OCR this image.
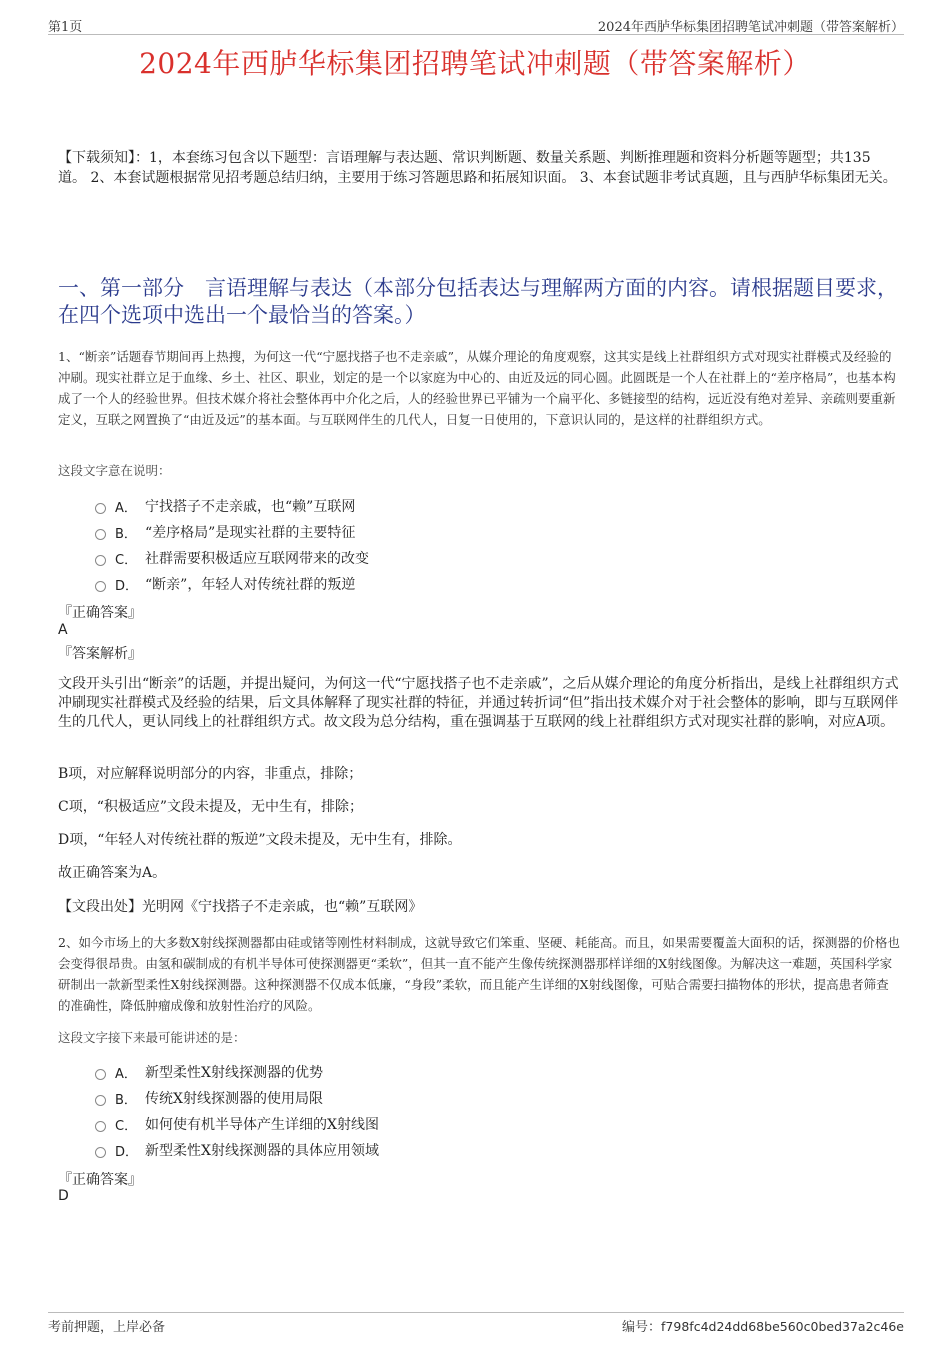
第1页	2024年西胪华标集团招聘笔试冲刺题（带答案解析）
2024年西胪华标集团招聘笔试冲刺题（带答案解析）
【下载须知】：1，本套练习包含以下题型：言语理解与表达题、常识判断题、数量关系题、判断推理题和资料分析题等题型；共135道。 2、本套试题根据常见招考题总结归纳，主要用于练习答题思路和拓展知识面。 3、本套试题非考试真题，且与西胪华标集团无关。
一、第一部分　言语理解与表达（本部分包括表达与理解两方面的内容。请根据题目要求，在四个选项中选出一个最恰当的答案。）
1、“断亲”话题春节期间再上热搜，为何这一代“宁愿找搭子也不走亲戚”，从媒介理论的角度观察，这其实是线上社群组织方式对现实社群模式及经验的冲刷。现实社群立足于血缘、乡土、社区、职业，划定的是一个以家庭为中心的、由近及远的同心圆。此圆既是一个人在社群上的“差序格局”，也基本构成了一个人的经验世界。但技术媒介将社会整体再中介化之后，人的经验世界已平铺为一个扁平化、多链接型的结构，远近没有绝对差异、亲疏则要重新定义，互联之网置换了“由近及远”的基本面。与互联网伴生的几代人，日复一日使用的，下意识认同的，是这样的社群组织方式。
这段文字意在说明：
A． 宁找搭子不走亲戚，也“赖”互联网
B． “差序格局”是现实社群的主要特征
C． 社群需要积极适应互联网带来的改变
D． “断亲”，年轻人对传统社群的叛逆
『正确答案』
A
『答案解析』
文段开头引出“断亲”的话题，并提出疑问，为何这一代“宁愿找搭子也不走亲戚”，之后从媒介理论的角度分析指出，是线上社群组织方式冲刷现实社群模式及经验的结果，后文具体解释了现实社群的特征，并通过转折词“但”指出技术媒介对于社会整体的影响，即与互联网伴生的几代人，更认同线上的社群组织方式。故文段为总分结构，重在强调基于互联网的线上社群组织方式对现实社群的影响，对应A项。
B项，对应解释说明部分的内容，非重点，排除；
C项，“积极适应”文段未提及，无中生有，排除；
D项，“年轻人对传统社群的叛逆”文段未提及，无中生有，排除。
故正确答案为A。
【文段出处】光明网《宁找搭子不走亲戚，也“赖”互联网》
2、如今市场上的大多数X射线探测器都由硅或锗等刚性材料制成，这就导致它们笨重、坚硬、耗能高。而且，如果需要覆盖大面积的话，探测器的价格也会变得很昂贵。由氢和碳制成的有机半导体可使探测器更“柔软”，但其一直不能产生像传统探测器那样详细的X射线图像。为解决这一难题，英国科学家研制出一款新型柔性X射线探测器。这种探测器不仅成本低廉，“身段”柔软，而且能产生详细的X射线图像，可贴合需要扫描物体的形状，提高患者筛查的准确性，降低肿瘤成像和放射性治疗的风险。
这段文字接下来最可能讲述的是：
A． 新型柔性X射线探测器的优势
B． 传统X射线探测器的使用局限
C． 如何使有机半导体产生详细的X射线图
D． 新型柔性X射线探测器的具体应用领域
『正确答案』
D
考前押题，上岸必备	编号：f798fc4d24dd68be560c0bed37a2c46e
